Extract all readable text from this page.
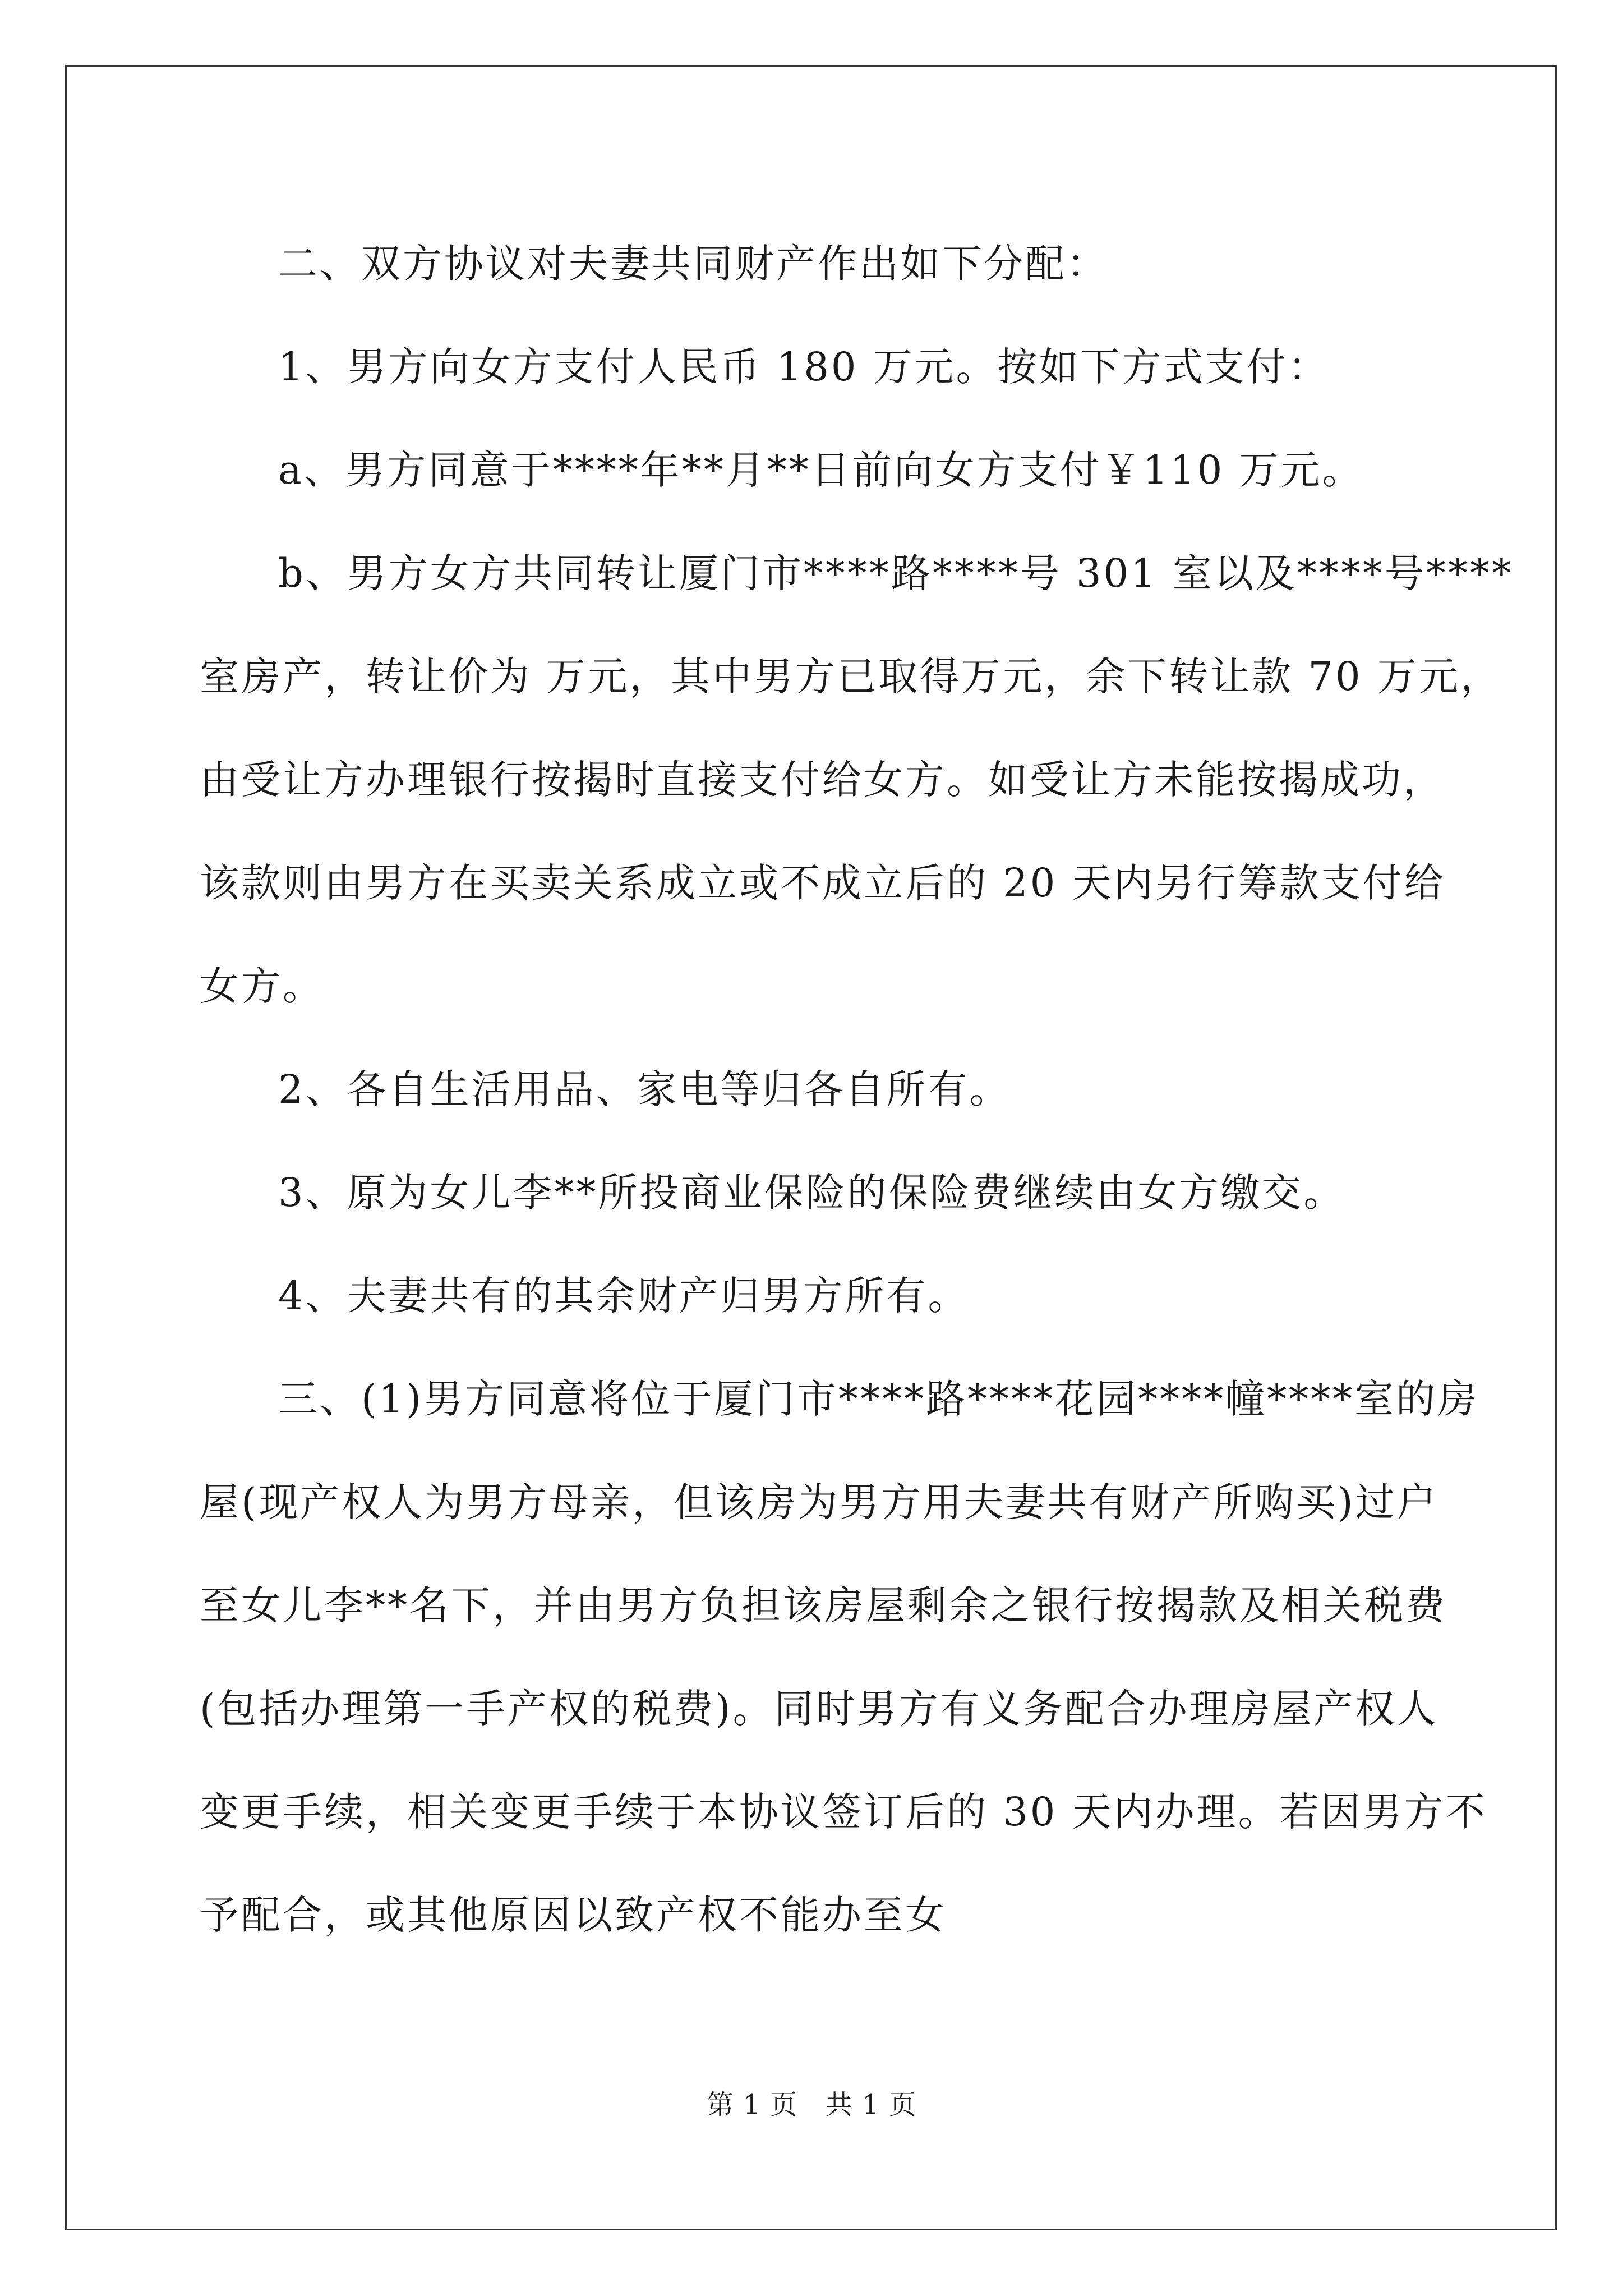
二、双方协议对夫妻共同财产作出如下分配：

1、男方向女方支付人民币 180 万元。按如下方式支付：

a、男方同意于****年**月**日前向女方支付￥110 万元。

b、男方女方共同转让厦门市****路****号 301 室以及****号****

室房产，转让价为 万元，其中男方已取得万元，余下转让款 70 万元，

由受让方办理银行按揭时直接支付给女方。如受让方未能按揭成功，

该款则由男方在买卖关系成立或不成立后的 20 天内另行筹款支付给

女方。

2、各自生活用品、家电等归各自所有。

3、原为女儿李**所投商业保险的保险费继续由女方缴交。

4、夫妻共有的其余财产归男方所有。

三、(1)男方同意将位于厦门市****路****花园****幢****室的房

屋(现产权人为男方母亲，但该房为男方用夫妻共有财产所购买)过户

至女儿李**名下，并由男方负担该房屋剩余之银行按揭款及相关税费

(包括办理第一手产权的税费)。同时男方有义务配合办理房屋产权人

变更手续，相关变更手续于本协议签订后的 30 天内办理。若因男方不

予配合，或其他原因以致产权不能办至女

第 1 页 共 1 页
